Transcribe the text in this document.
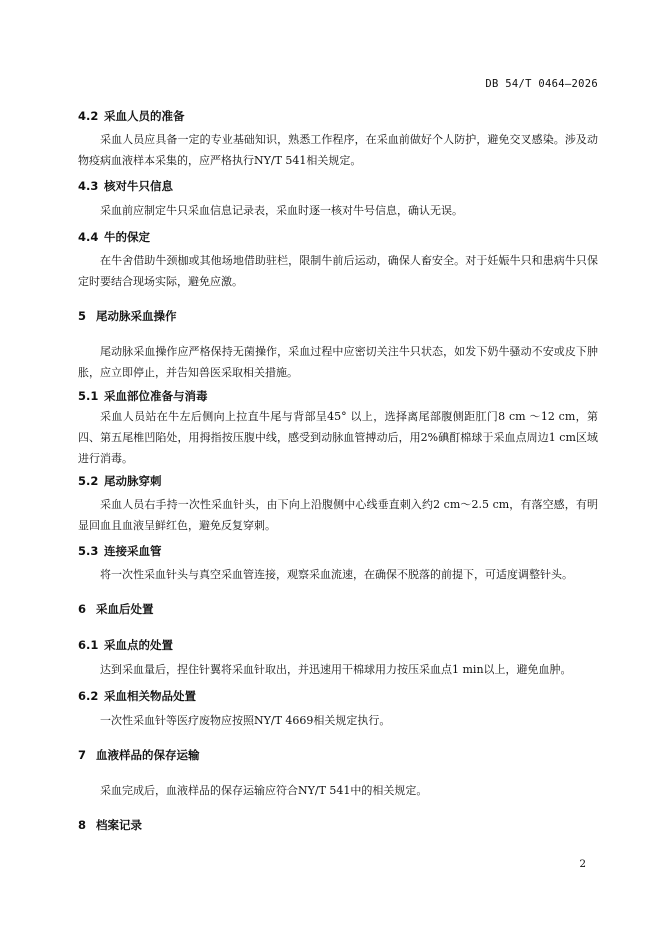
DB 54/T 0464—2026
4.2 采血人员的准备
采血人员应具备一定的专业基础知识，熟悉工作程序，在采血前做好个人防护，避免交叉感染。涉及动物疫病血液样本采集的，应严格执行NY/T 541相关规定。
4.3 核对牛只信息
采血前应制定牛只采血信息记录表，采血时逐一核对牛号信息，确认无误。
4.4 牛的保定
在牛舍借助牛颈枷或其他场地借助驻栏，限制牛前后运动，确保人畜安全。对于妊娠牛只和患病牛只保定时要结合现场实际，避免应激。
5 尾动脉采血操作
尾动脉采血操作应严格保持无菌操作，采血过程中应密切关注牛只状态，如发下奶牛骚动不安或皮下肿胀，应立即停止，并告知兽医采取相关措施。
5.1 采血部位准备与消毒
采血人员站在牛左后侧向上拉直牛尾与背部呈45° 以上，选择离尾部腹侧距肛门8 cm ～12 cm，第四、第五尾椎凹陷处，用拇指按压腹中线，感受到动脉血管搏动后，用2%碘酊棉球于采血点周边1 cm区域进行消毒。
5.2 尾动脉穿刺
采血人员右手持一次性采血针头，由下向上沿腹侧中心线垂直刺入约2 cm～2.5 cm，有落空感，有明显回血且血液呈鲜红色，避免反复穿刺。
5.3 连接采血管
将一次性采血针头与真空采血管连接，观察采血流速，在确保不脱落的前提下，可适度调整针头。
6 采血后处置
6.1 采血点的处置
达到采血量后，捏住针翼将采血针取出，并迅速用干棉球用力按压采血点1 min以上，避免血肿。
6.2 采血相关物品处置
一次性采血针等医疗废物应按照NY/T 4669相关规定执行。
7 血液样品的保存运输
采血完成后，血液样品的保存运输应符合NY/T 541中的相关规定。
8 档案记录
2
